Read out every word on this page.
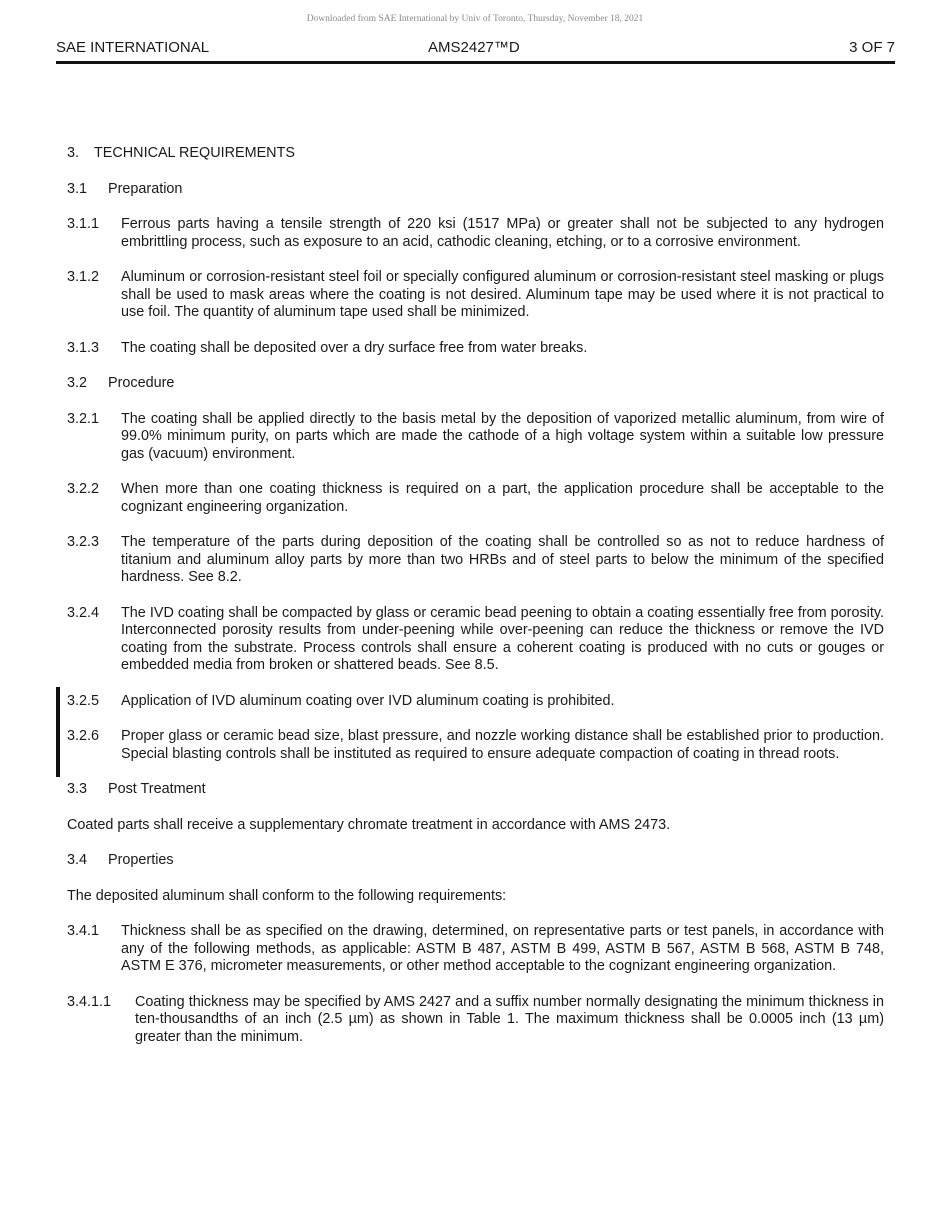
Downloaded from SAE International by Univ of Toronto, Thursday, November 18, 2021
SAE INTERNATIONAL	AMS2427™D	3 OF 7

3. TECHNICAL REQUIREMENTS

3.1 Preparation

3.1.1	Ferrous parts having a tensile strength of 220 ksi (1517 MPa) or greater shall not be subjected to any hydrogen embrittling process, such as exposure to an acid, cathodic cleaning, etching, or to a corrosive environment.
3.1.2	Aluminum or corrosion-resistant steel foil or specially configured aluminum or corrosion-resistant steel masking or plugs shall be used to mask areas where the coating is not desired. Aluminum tape may be used where it is not practical to use foil. The quantity of aluminum tape used shall be minimized.
3.1.3	The coating shall be deposited over a dry surface free from water breaks.

3.2 Procedure

3.2.1	The coating shall be applied directly to the basis metal by the deposition of vaporized metallic aluminum, from wire of 99.0% minimum purity, on parts which are made the cathode of a high voltage system within a suitable low pressure gas (vacuum) environment.
3.2.2	When more than one coating thickness is required on a part, the application procedure shall be acceptable to the cognizant engineering organization.
3.2.3	The temperature of the parts during deposition of the coating shall be controlled so as not to reduce hardness of titanium and aluminum alloy parts by more than two HRBs and of steel parts to below the minimum of the specified hardness. See 8.2.
3.2.4	The IVD coating shall be compacted by glass or ceramic bead peening to obtain a coating essentially free from porosity. Interconnected porosity results from under-peening while over-peening can reduce the thickness or remove the IVD coating from the substrate. Process controls shall ensure a coherent coating is produced with no cuts or gouges or embedded media from broken or shattered beads. See 8.5.
3.2.5	Application of IVD aluminum coating over IVD aluminum coating is prohibited.
3.2.6	Proper glass or ceramic bead size, blast pressure, and nozzle working distance shall be established prior to production. Special blasting controls shall be instituted as required to ensure adequate compaction of coating in thread roots.

3.3 Post Treatment

Coated parts shall receive a supplementary chromate treatment in accordance with AMS 2473.

3.4 Properties

The deposited aluminum shall conform to the following requirements:

3.4.1	Thickness shall be as specified on the drawing, determined, on representative parts or test panels, in accordance with any of the following methods, as applicable: ASTM B 487, ASTM B 499, ASTM B 567, ASTM B 568, ASTM B 748, ASTM E 376, micrometer measurements, or other method acceptable to the cognizant engineering organization.
3.4.1.1	Coating thickness may be specified by AMS 2427 and a suffix number normally designating the minimum thickness in ten-thousandths of an inch (2.5 µm) as shown in Table 1. The maximum thickness shall be 0.0005 inch (13 µm) greater than the minimum.
